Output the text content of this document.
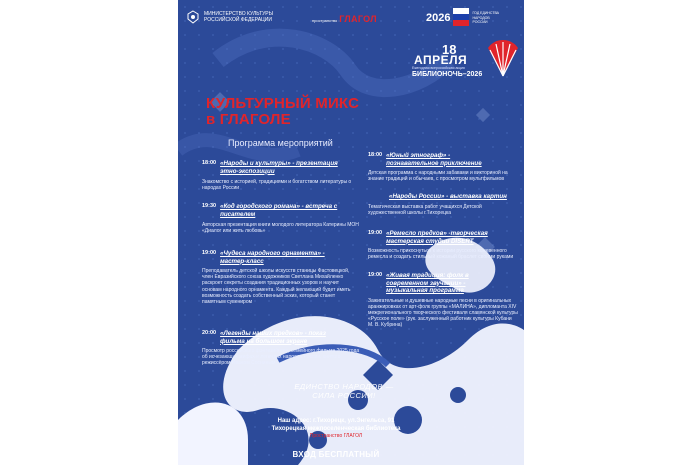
МИНИСТЕРСТВО КУЛЬТУРЫ
РОССИЙСКОЙ ФЕДЕРАЦИИ	пространство ГЛАГОЛ	2026	ГОД ЕДИНСТВА
НАРОДОВ
РОССИИ
18
АПРЕЛЯ
Ежегодная всероссийская акция
БИБЛИОНОЧЬ–2026
КУЛЬТУРНЫЙ МИКС
в ГЛАГОЛЕ
Программа мероприятий
18:00 «Народы и культуры» - презентация этно-экспозиции
Знакомство с историей, традициями и богатством литературы о народах России
19:30 «Код городского романа» - встреча с писателем
Авторская презентация книги молодого литератора Катерины МОН «Диалог или жить любовь»
19:00 «Чудеса народного орнамента» - мастер-класс
Преподаватель детской школы искусств станицы Фастовецкой, член Евразийского союза художников Светлана Михайленко раскроет секреты создания традиционных узоров и научит основам народного орнамента. Каждый желающий будет иметь возможность создать собственный эскиз, который станет памятным сувениром
20:00 «Легенды наших предков» - показ фильма на большом экране
Просмотр российского фэнтезийного, семейного фильма 2025 года об исчезающих мифах и легендах народов России, снятого режиссёром Иваном Сосниным
18:00 «Юный этнограф» - познавательное приключение
Детская программа с народными забавами и викториной на знание традиций и обычаев, с просмотром мультфильмов
«Народы России» - выставка картин
Тематическая выставка работ учащихся Детской художественной школы г.Тихорецка
19:00 «Ремесло предков» -творческая мастерская студии DISERT
Возможность прикоснуться к истории русского кожевенного ремесла и создать стильный кожаный браслет своими руками
19:00 «Живая традиция: фолк в современном звучании» - музыкальная программа
Зажигательные и душевные народные песни в оригинальных аранжировках от арт-фолк группы «МАЛИНА», дипломанта XIV межрегионального творческого фестиваля славянской культуры «Русское поле» (рук. заслуженный работник культуры Кубани М. В. Кубрина)
ЕДИНСТВО НАРОДОВ —
СИЛА РОССИИ!
Наш адрес: г.Тихорецк, ул.Энгельса, 91
Тихорецкая межпоселенческая библиотека
Пространство ГЛАГОЛ
ВХОД БЕСПЛАТНЫЙ
